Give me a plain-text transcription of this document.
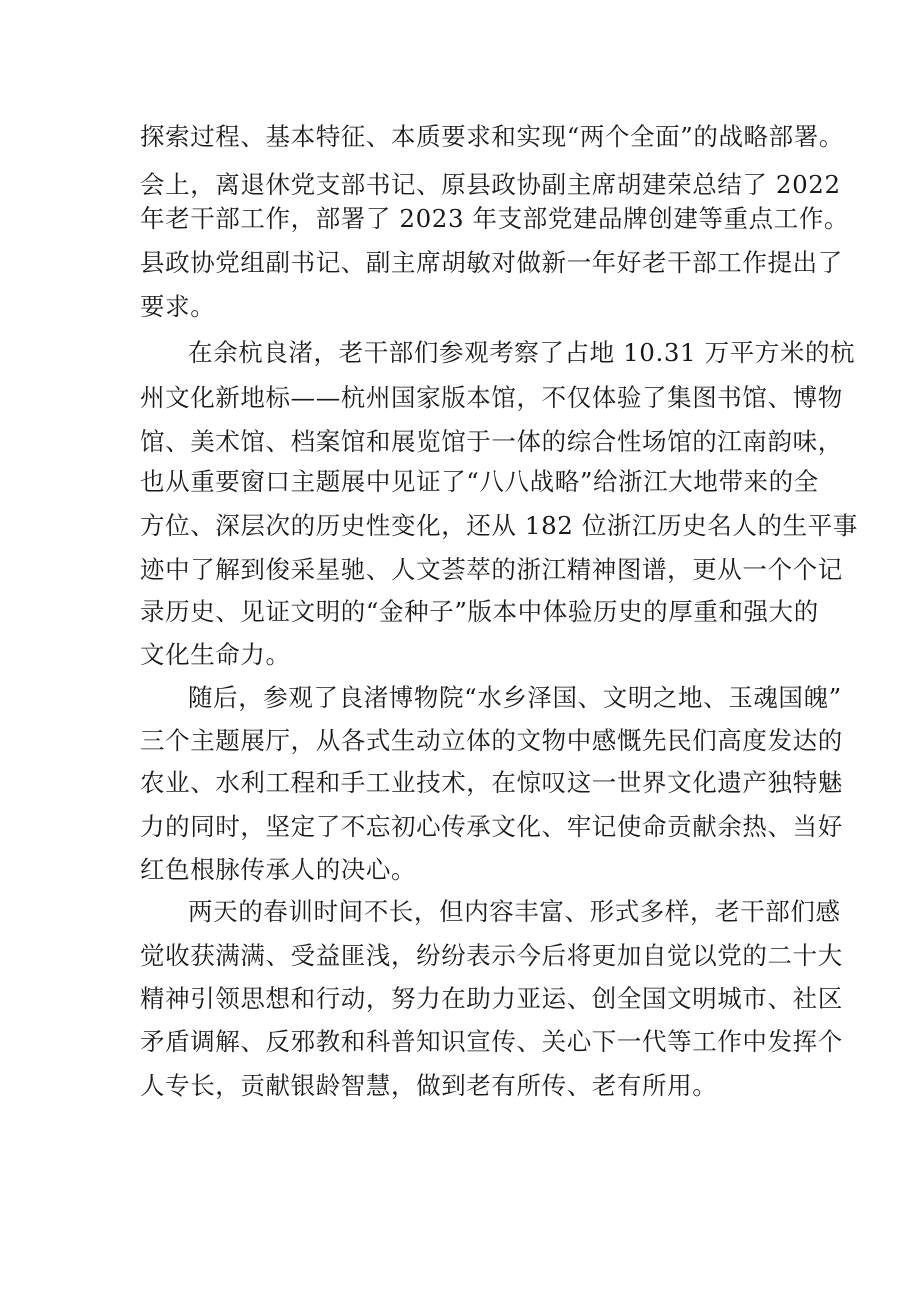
探索过程、基本特征、本质要求和实现“两个全面”的战略部署。
会上，离退休党支部书记、原县政协副主席胡建荣总结了 2022
年老干部工作，部署了 2023 年支部党建品牌创建等重点工作。
县政协党组副书记、副主席胡敏对做新一年好老干部工作提出了
要求。
在余杭良渚，老干部们参观考察了占地 10.31 万平方米的杭
州文化新地标——杭州国家版本馆，不仅体验了集图书馆、博物
馆、美术馆、档案馆和展览馆于一体的综合性场馆的江南韵味，
也从重要窗口主题展中见证了“八八战略”给浙江大地带来的全
方位、深层次的历史性变化，还从 182 位浙江历史名人的生平事
迹中了解到俊采星驰、人文荟萃的浙江精神图谱，更从一个个记
录历史、见证文明的“金种子”版本中体验历史的厚重和强大的
文化生命力。
随后，参观了良渚博物院“水乡泽国、文明之地、玉魂国魄”
三个主题展厅，从各式生动立体的文物中感慨先民们高度发达的
农业、水利工程和手工业技术，在惊叹这一世界文化遗产独特魅
力的同时，坚定了不忘初心传承文化、牢记使命贡献余热、当好
红色根脉传承人的决心。
两天的春训时间不长，但内容丰富、形式多样，老干部们感
觉收获满满、受益匪浅，纷纷表示今后将更加自觉以党的二十大
精神引领思想和行动，努力在助力亚运、创全国文明城市、社区
矛盾调解、反邪教和科普知识宣传、关心下一代等工作中发挥个
人专长，贡献银龄智慧，做到老有所传、老有所用。
